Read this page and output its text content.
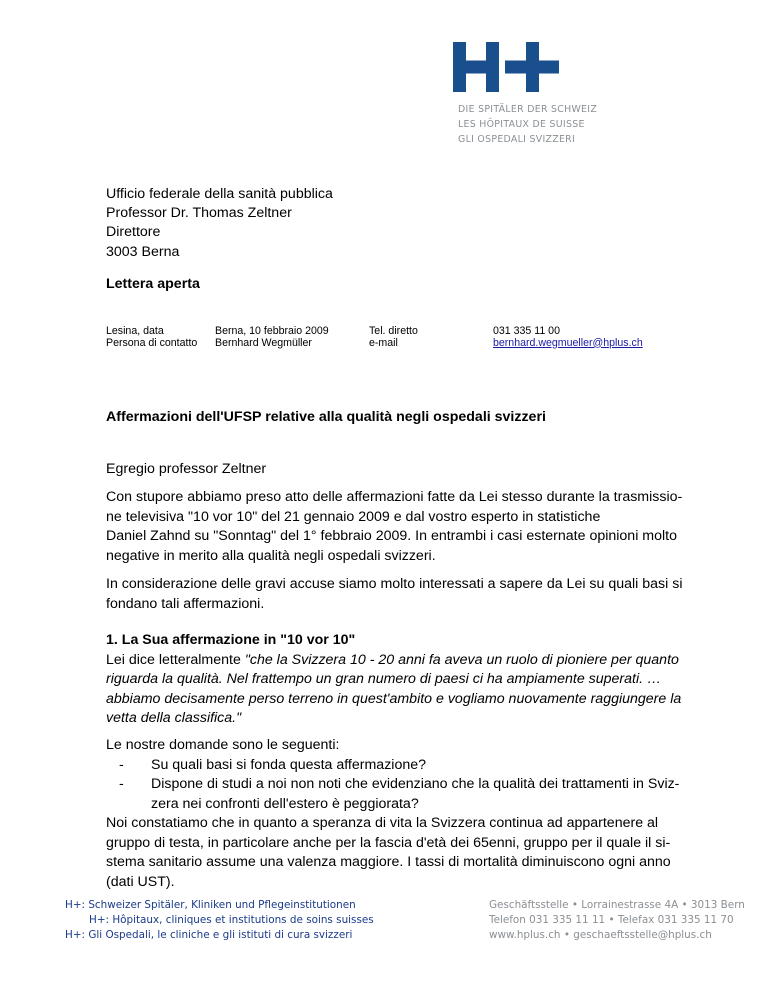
DIE SPITÄLER DER SCHWEIZ
LES HÔPITAUX DE SUISSE
GLI OSPEDALI SVIZZERI
Ufficio federale della sanità pubblica
Professor Dr. Thomas Zeltner
Direttore
3003 Berna
Lettera aperta
Lesina, data
Persona di contatto
Berna, 10 febbraio 2009
Bernhard Wegmüller
Tel. diretto
e-mail
031 335 11 00
bernhard.wegmueller@hplus.ch
Affermazioni dell'UFSP relative alla qualità negli ospedali svizzeri
Egregio professor Zeltner
Con stupore abbiamo preso atto delle affermazioni fatte da Lei stesso durante la trasmissio-
ne televisiva "10 vor 10" del 21 gennaio 2009 e dal vostro esperto in statistiche
Daniel Zahnd su "Sonntag" del 1° febbraio 2009. In entrambi i casi esternate opinioni molto
negative in merito alla qualità negli ospedali svizzeri.
In considerazione delle gravi accuse siamo molto interessati a sapere da Lei su quali basi si
fondano tali affermazioni.
1. La Sua affermazione in "10 vor 10"
Lei dice letteralmente "che la Svizzera 10 - 20 anni fa aveva un ruolo di pioniere per quanto
riguarda la qualità. Nel frattempo un gran numero di paesi ci ha ampiamente superati. …
abbiamo decisamente perso terreno in quest'ambito e vogliamo nuovamente raggiungere la
vetta della classifica."
Le nostre domande sono le seguenti:
- Su quali basi si fonda questa affermazione?
- Dispone di studi a noi non noti che evidenziano che la qualità dei trattamenti in Sviz-
zera nei confronti dell'estero è peggiorata?
Noi constatiamo che in quanto a speranza di vita la Svizzera continua ad appartenere al
gruppo di testa, in particolare anche per la fascia d'età dei 65enni, gruppo per il quale il si-
stema sanitario assume una valenza maggiore. I tassi di mortalità diminuiscono ogni anno
(dati UST).
H+: Schweizer Spitäler, Kliniken und Pflegeinstitutionen
H+: Hôpitaux, cliniques et institutions de soins suisses
H+: Gli Ospedali, le cliniche e gli istituti di cura svizzeri
Geschäftsstelle • Lorrainestrasse 4A • 3013 Bern
Telefon 031 335 11 11 • Telefax 031 335 11 70
www.hplus.ch • geschaeftsstelle@hplus.ch
